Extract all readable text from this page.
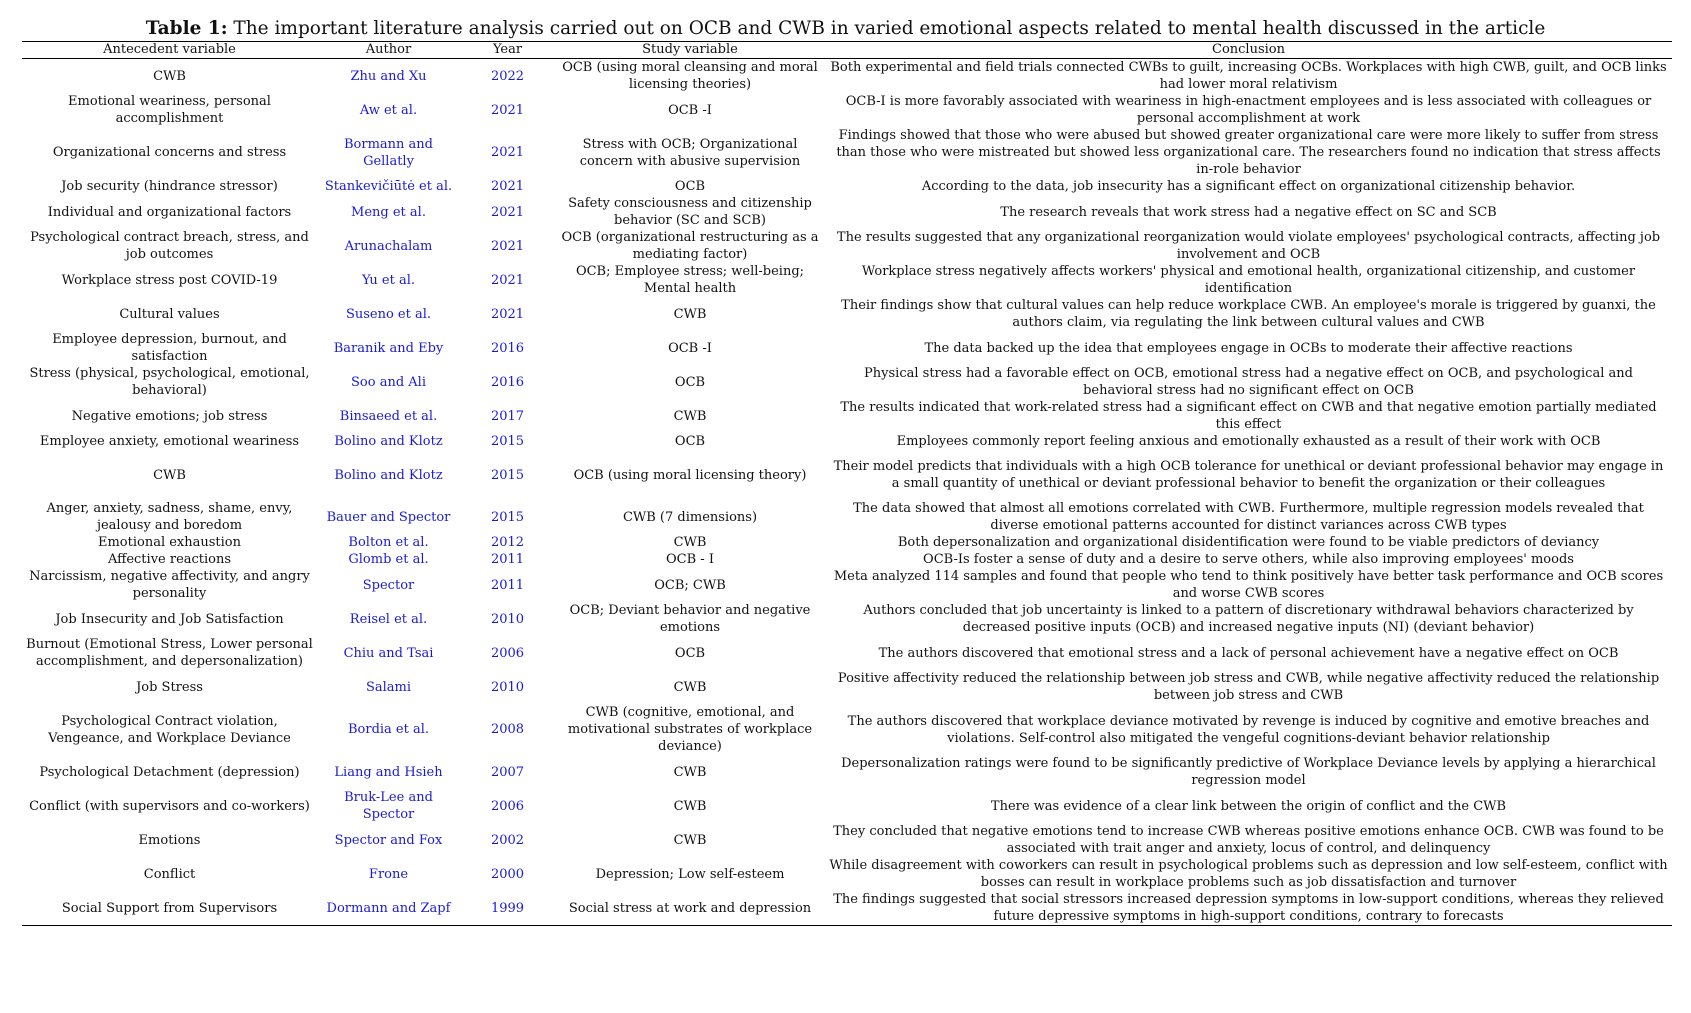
Table 1: The important literature analysis carried out on OCB and CWB in varied emotional aspects related to mental health discussed in the article
Antecedent variable	Author	Year	Study variable	Conclusion
CWB	Zhu and Xu	2022	OCB (using moral cleansing and moral licensing theories)	Both experimental and field trials connected CWBs to guilt, increasing OCBs. Workplaces with high CWB, guilt, and OCB links had lower moral relativism
Emotional weariness, personal accomplishment	Aw et al.	2021	OCB -I	OCB-I is more favorably associated with weariness in high-enactment employees and is less associated with colleagues or personal accomplishment at work
Organizational concerns and stress	Bormann and Gellatly	2021	Stress with OCB; Organizational concern with abusive supervision	Findings showed that those who were abused but showed greater organizational care were more likely to suffer from stress than those who were mistreated but showed less organizational care. The researchers found no indication that stress affects in-role behavior
Job security (hindrance stressor)	Stankevičiūtė et al.	2021	OCB	According to the data, job insecurity has a significant effect on organizational citizenship behavior.
Individual and organizational factors	Meng et al.	2021	Safety consciousness and citizenship behavior (SC and SCB)	The research reveals that work stress had a negative effect on SC and SCB
Psychological contract breach, stress, and job outcomes	Arunachalam	2021	OCB (organizational restructuring as a mediating factor)	The results suggested that any organizational reorganization would violate employees' psychological contracts, affecting job involvement and OCB
Workplace stress post COVID-19	Yu et al.	2021	OCB; Employee stress; well-being; Mental health	Workplace stress negatively affects workers' physical and emotional health, organizational citizenship, and customer identification
Cultural values	Suseno et al.	2021	CWB	Their findings show that cultural values can help reduce workplace CWB. An employee's morale is triggered by guanxi, the authors claim, via regulating the link between cultural values and CWB
Employee depression, burnout, and satisfaction	Baranik and Eby	2016	OCB -I	The data backed up the idea that employees engage in OCBs to moderate their affective reactions
Stress (physical, psychological, emotional, behavioral)	Soo and Ali	2016	OCB	Physical stress had a favorable effect on OCB, emotional stress had a negative effect on OCB, and psychological and behavioral stress had no significant effect on OCB
Negative emotions; job stress	Binsaeed et al.	2017	CWB	The results indicated that work-related stress had a significant effect on CWB and that negative emotion partially mediated this effect
Employee anxiety, emotional weariness	Bolino and Klotz	2015	OCB	Employees commonly report feeling anxious and emotionally exhausted as a result of their work with OCB
CWB	Bolino and Klotz	2015	OCB (using moral licensing theory)	Their model predicts that individuals with a high OCB tolerance for unethical or deviant professional behavior may engage in a small quantity of unethical or deviant professional behavior to benefit the organization or their colleagues
Anger, anxiety, sadness, shame, envy, jealousy and boredom	Bauer and Spector	2015	CWB (7 dimensions)	The data showed that almost all emotions correlated with CWB. Furthermore, multiple regression models revealed that diverse emotional patterns accounted for distinct variances across CWB types
Emotional exhaustion	Bolton et al.	2012	CWB	Both depersonalization and organizational disidentification were found to be viable predictors of deviancy
Affective reactions	Glomb et al.	2011	OCB - I	OCB-Is foster a sense of duty and a desire to serve others, while also improving employees' moods
Narcissism, negative affectivity, and angry personality	Spector	2011	OCB; CWB	Meta analyzed 114 samples and found that people who tend to think positively have better task performance and OCB scores and worse CWB scores
Job Insecurity and Job Satisfaction	Reisel et al.	2010	OCB; Deviant behavior and negative emotions	Authors concluded that job uncertainty is linked to a pattern of discretionary withdrawal behaviors characterized by decreased positive inputs (OCB) and increased negative inputs (NI) (deviant behavior)
Burnout (Emotional Stress, Lower personal accomplishment, and depersonalization)	Chiu and Tsai	2006	OCB	The authors discovered that emotional stress and a lack of personal achievement have a negative effect on OCB
Job Stress	Salami	2010	CWB	Positive affectivity reduced the relationship between job stress and CWB, while negative affectivity reduced the relationship between job stress and CWB
Psychological Contract violation, Vengeance, and Workplace Deviance	Bordia et al.	2008	CWB (cognitive, emotional, and motivational substrates of workplace deviance)	The authors discovered that workplace deviance motivated by revenge is induced by cognitive and emotive breaches and violations. Self-control also mitigated the vengeful cognitions-deviant behavior relationship
Psychological Detachment (depression)	Liang and Hsieh	2007	CWB	Depersonalization ratings were found to be significantly predictive of Workplace Deviance levels by applying a hierarchical regression model
Conflict (with supervisors and co-workers)	Bruk-Lee and Spector	2006	CWB	There was evidence of a clear link between the origin of conflict and the CWB
Emotions	Spector and Fox	2002	CWB	They concluded that negative emotions tend to increase CWB whereas positive emotions enhance OCB. CWB was found to be associated with trait anger and anxiety, locus of control, and delinquency
Conflict	Frone	2000	Depression; Low self-esteem	While disagreement with coworkers can result in psychological problems such as depression and low self-esteem, conflict with bosses can result in workplace problems such as job dissatisfaction and turnover
Social Support from Supervisors	Dormann and Zapf	1999	Social stress at work and depression	The findings suggested that social stressors increased depression symptoms in low-support conditions, whereas they relieved future depressive symptoms in high-support conditions, contrary to forecasts
